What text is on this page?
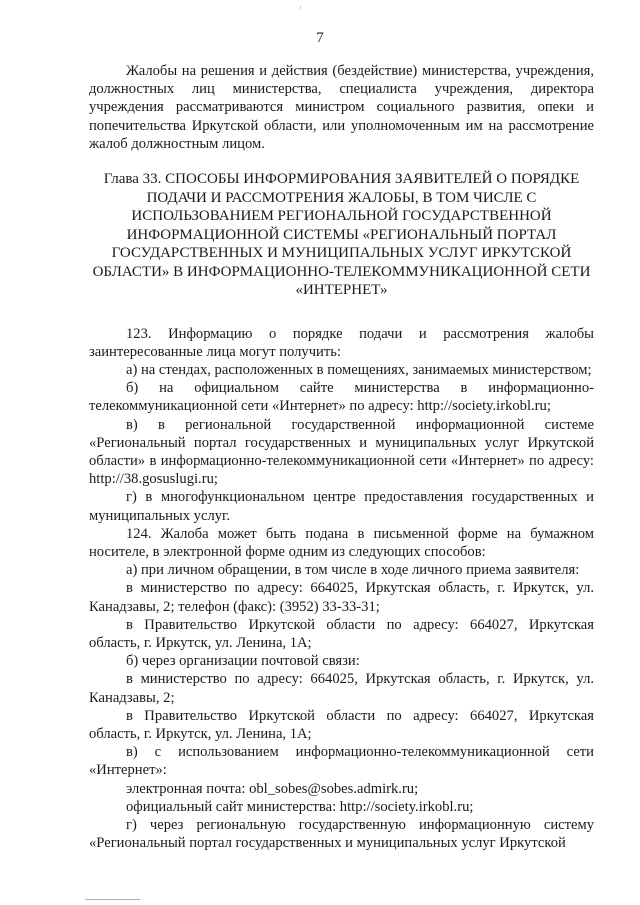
7

Жалобы на решения и действия (бездействие) министерства, учреждения, должностных лиц министерства, специалиста учреждения, директора учреждения рассматриваются министром социального развития, опеки и попечительства Иркутской области, или уполномоченным им на рассмотрение жалоб должностным лицом.

Глава 33. СПОСОБЫ ИНФОРМИРОВАНИЯ ЗАЯВИТЕЛЕЙ О ПОРЯДКЕ ПОДАЧИ И РАССМОТРЕНИЯ ЖАЛОБЫ, В ТОМ ЧИСЛЕ С ИСПОЛЬЗОВАНИЕМ РЕГИОНАЛЬНОЙ ГОСУДАРСТВЕННОЙ ИНФОРМАЦИОННОЙ СИСТЕМЫ «РЕГИОНАЛЬНЫЙ ПОРТАЛ ГОСУДАРСТВЕННЫХ И МУНИЦИПАЛЬНЫХ УСЛУГ ИРКУТСКОЙ ОБЛАСТИ» В ИНФОРМАЦИОННО-ТЕЛЕКОММУНИКАЦИОННОЙ СЕТИ «ИНТЕРНЕТ»

123. Информацию о порядке подачи и рассмотрения жалобы заинтересованные лица могут получить:

а) на стендах, расположенных в помещениях, занимаемых министерством;

б) на официальном сайте министерства в информационно-телекоммуникационной сети «Интернет» по адресу: http://society.irkobl.ru;

в) в региональной государственной информационной системе «Региональный портал государственных и муниципальных услуг Иркутской области» в информационно-телекоммуникационной сети «Интернет» по адресу: http://38.gosuslugi.ru;

г) в многофункциональном центре предоставления государственных и муниципальных услуг.

124. Жалоба может быть подана в письменной форме на бумажном носителе, в электронной форме одним из следующих способов:

а) при личном обращении, в том числе в ходе личного приема заявителя:

в министерство по адресу: 664025, Иркутская область, г. Иркутск, ул. Канадзавы, 2; телефон (факс): (3952) 33-33-31;

в Правительство Иркутской области по адресу: 664027, Иркутская область, г. Иркутск, ул. Ленина, 1А;

б) через организации почтовой связи:

в министерство по адресу: 664025, Иркутская область, г. Иркутск, ул. Канадзавы, 2;

в Правительство Иркутской области по адресу: 664027, Иркутская область, г. Иркутск, ул. Ленина, 1А;

в) с использованием информационно-телекоммуникационной сети «Интернет»:

электронная почта: obl_sobes@sobes.admirk.ru;

официальный сайт министерства: http://society.irkobl.ru;

г) через региональную государственную информационную систему «Региональный портал государственных и муниципальных услуг Иркутской
